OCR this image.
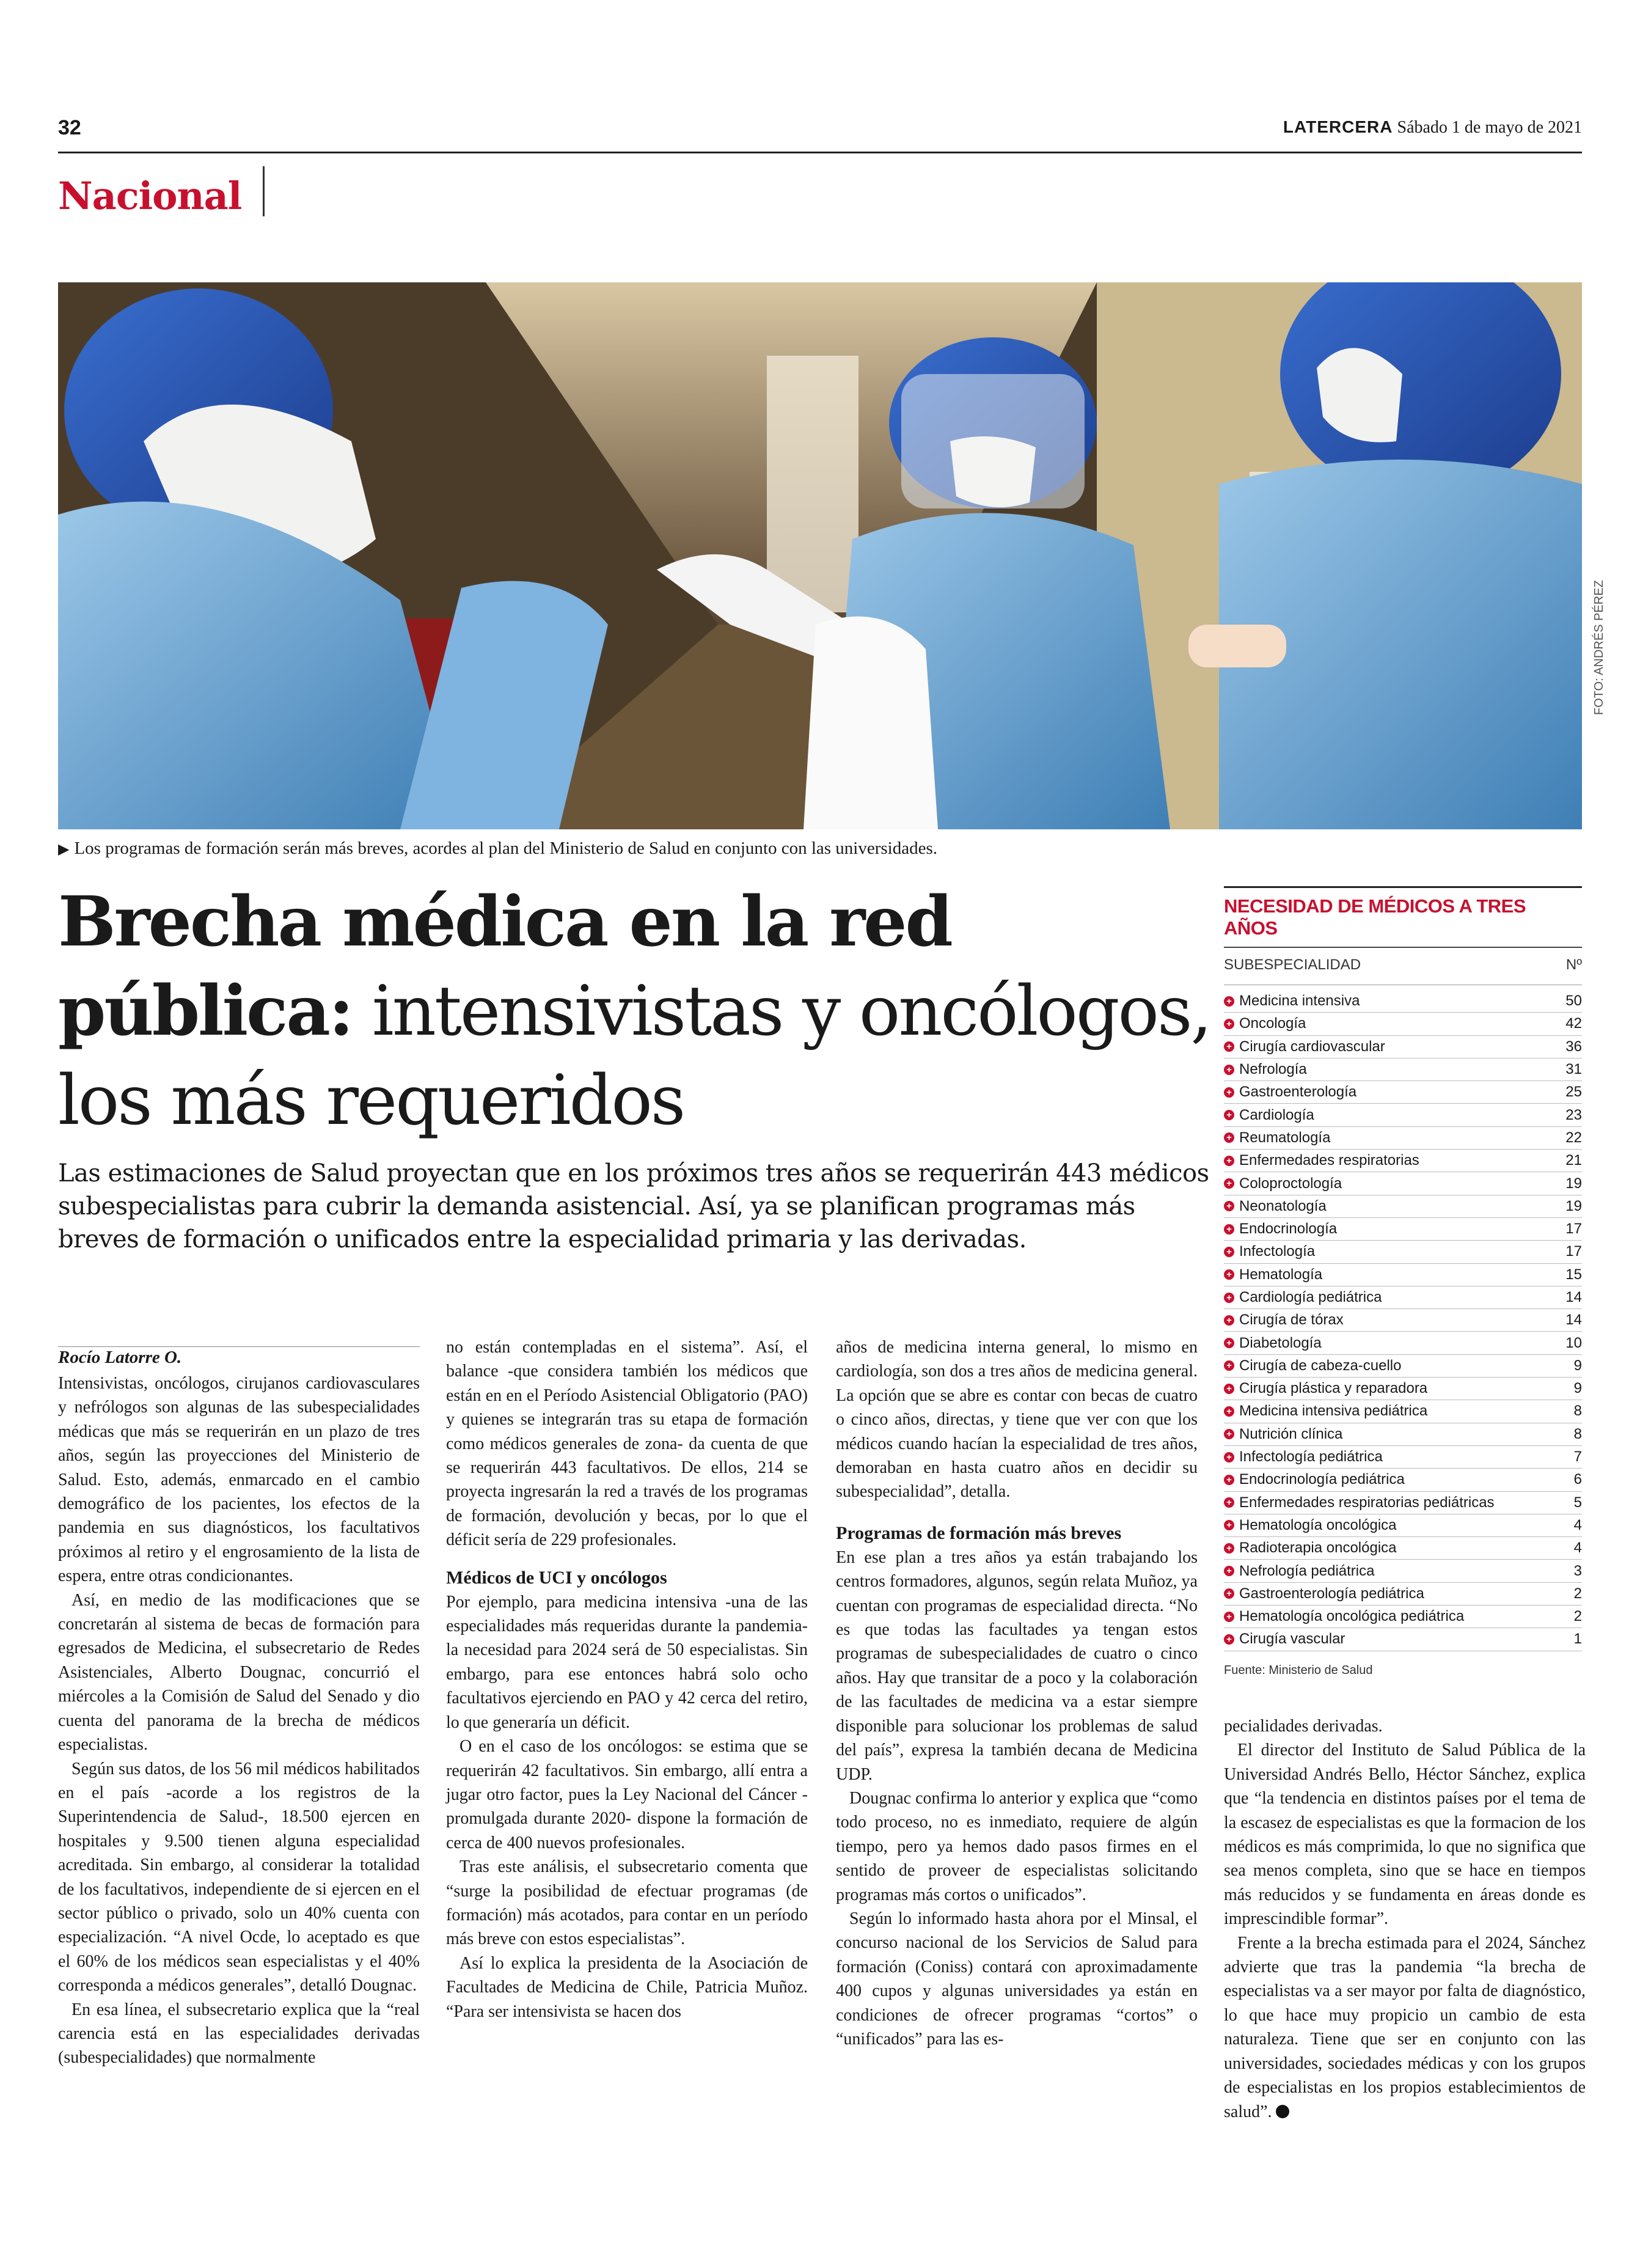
32	LATERCERA Sábado 1 de mayo de 2021
Nacional
FOTO: ANDRÉS PÉREZ
▶ Los programas de formación serán más breves, acordes al plan del Ministerio de Salud en conjunto con las universidades.
Brecha médica en la red pública: intensivistas y oncólogos, los más requeridos
Las estimaciones de Salud proyectan que en los próximos tres años se requerirán 443 médicos subespecialistas para cubrir la demanda asistencial. Así, ya se planifican programas más breves de formación o unificados entre la especialidad primaria y las derivadas.
Rocío Latorre O.

Intensivistas, oncólogos, cirujanos cardiovasculares y nefrólogos son algunas de las subespecialidades médicas que más se requerirán en un plazo de tres años, según las proyecciones del Ministerio de Salud. Esto, además, enmarcado en el cambio demográfico de los pacientes, los efectos de la pandemia en sus diagnósticos, los facultativos próximos al retiro y el engrosamiento de la lista de espera, entre otras condicionantes.

Así, en medio de las modificaciones que se concretarán al sistema de becas de formación para egresados de Medicina, el subsecretario de Redes Asistenciales, Alberto Dougnac, concurrió el miércoles a la Comisión de Salud del Senado y dio cuenta del panorama de la brecha de médicos especialistas.

Según sus datos, de los 56 mil médicos habilitados en el país -acorde a los registros de la Superintendencia de Salud-, 18.500 ejercen en hospitales y 9.500 tienen alguna especialidad acreditada. Sin embargo, al considerar la totalidad de los facultativos, independiente de si ejercen en el sector público o privado, solo un 40% cuenta con especialización. “A nivel Ocde, lo aceptado es que el 60% de los médicos sean especialistas y el 40% corresponda a médicos generales”, detalló Dougnac.

En esa línea, el subsecretario explica que la “real carencia está en las especialidades derivadas (subespecialidades) que normalmente

no están contempladas en el sistema”. Así, el balance -que considera también los médicos que están en en el Período Asistencial Obligatorio (PAO) y quienes se integrarán tras su etapa de formación como médicos generales de zona- da cuenta de que se requerirán 443 facultativos. De ellos, 214 se proyecta ingresarán la red a través de los programas de formación, devolución y becas, por lo que el déficit sería de 229 profesionales.

Médicos de UCI y oncólogos

Por ejemplo, para medicina intensiva -una de las especialidades más requeridas durante la pandemia- la necesidad para 2024 será de 50 especialistas. Sin embargo, para ese entonces habrá solo ocho facultativos ejerciendo en PAO y 42 cerca del retiro, lo que generaría un déficit.

O en el caso de los oncólogos: se estima que se requerirán 42 facultativos. Sin embargo, allí entra a jugar otro factor, pues la Ley Nacional del Cáncer -promulgada durante 2020- dispone la formación de cerca de 400 nuevos profesionales.

Tras este análisis, el subsecretario comenta que “surge la posibilidad de efectuar programas (de formación) más acotados, para contar en un período más breve con estos especialistas”.

Así lo explica la presidenta de la Asociación de Facultades de Medicina de Chile, Patricia Muñoz. “Para ser intensivista se hacen dos

años de medicina interna general, lo mismo en cardiología, son dos a tres años de medicina general. La opción que se abre es contar con becas de cuatro o cinco años, directas, y tiene que ver con que los médicos cuando hacían la especialidad de tres años, demoraban en hasta cuatro años en decidir su subespecialidad”, detalla.

Programas de formación más breves

En ese plan a tres años ya están trabajando los centros formadores, algunos, según relata Muñoz, ya cuentan con programas de especialidad directa. “No es que todas las facultades ya tengan estos programas de subespecialidades de cuatro o cinco años. Hay que transitar de a poco y la colaboración de las facultades de medicina va a estar siempre disponible para solucionar los problemas de salud del país”, expresa la también decana de Medicina UDP.

Dougnac confirma lo anterior y explica que “como todo proceso, no es inmediato, requiere de algún tiempo, pero ya hemos dado pasos firmes en el sentido de proveer de especialistas solicitando programas más cortos o unificados”.

Según lo informado hasta ahora por el Minsal, el concurso nacional de los Servicios de Salud para formación (Coniss) contará con aproximadamente 400 cupos y algunas universidades ya están en condiciones de ofrecer programas “cortos” o “unificados” para las es-

pecialidades derivadas.

El director del Instituto de Salud Pública de la Universidad Andrés Bello, Héctor Sánchez, explica que “la tendencia en distintos países por el tema de la escasez de especialistas es que la formacion de los médicos es más comprimida, lo que no significa que sea menos completa, sino que se hace en tiempos más reducidos y se fundamenta en áreas donde es imprescindible formar”.

Frente a la brecha estimada para el 2024, Sánchez advierte que tras la pandemia “la brecha de especialistas va a ser mayor por falta de diagnóstico, lo que hace muy propicio un cambio de esta naturaleza. Tiene que ser en conjunto con las universidades, sociedades médicas y con los grupos de especialistas en los propios establecimientos de salud”.

NECESIDAD DE MÉDICOS A TRES AÑOS
SUBESPECIALIDAD	Nº
+ Medicina intensiva	50
+ Oncología	42
+ Cirugía cardiovascular	36
+ Nefrología	31
+ Gastroenterología	25
+ Cardiología	23
+ Reumatología	22
+ Enfermedades respiratorias	21
+ Coloproctología	19
+ Neonatología	19
+ Endocrinología	17
+ Infectología	17
+ Hematología	15
+ Cardiología pediátrica	14
+ Cirugía de tórax	14
+ Diabetología	10
+ Cirugía de cabeza-cuello	9
+ Cirugía plástica y reparadora	9
+ Medicina intensiva pediátrica	8
+ Nutrición clínica	8
+ Infectología pediátrica	7
+ Endocrinología pediátrica	6
+ Enfermedades respiratorias pediátricas	5
+ Hematología oncológica	4
+ Radioterapia oncológica	4
+ Nefrología pediátrica	3
+ Gastroenterología pediátrica	2
+ Hematología oncológica pediátrica	2
+ Cirugía vascular	1
Fuente: Ministerio de Salud
